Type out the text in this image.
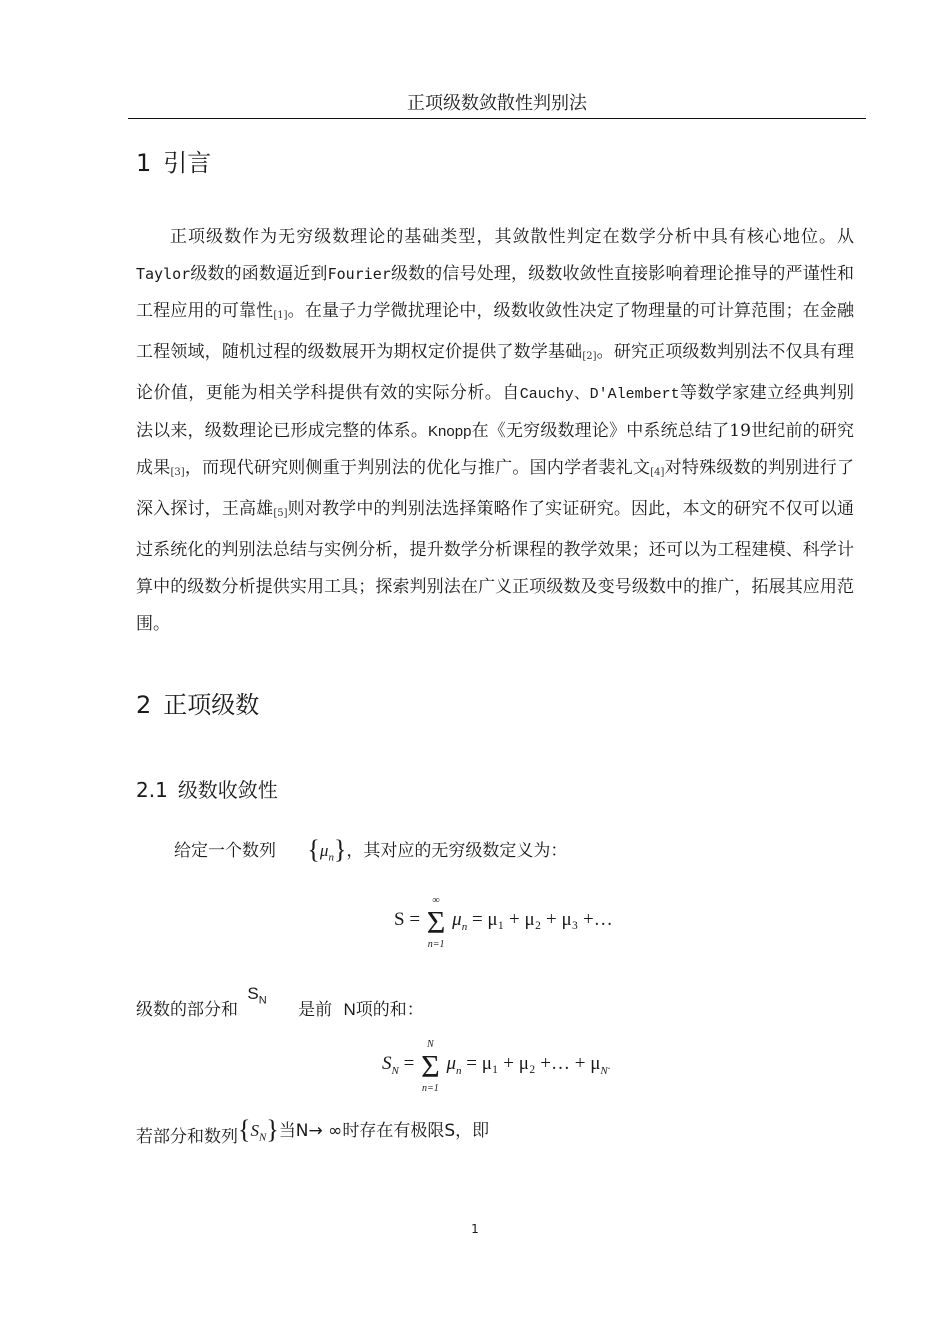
正项级数敛散性判别法
1 引言

正项级数作为无穷级数理论的基础类型，其敛散性判定在数学分析中具有核心地位。从Taylor级数的函数逼近到Fourier级数的信号处理，级数收敛性直接影响着理论推导的严谨性和工程应用的可靠性[1]。在量子力学微扰理论中，级数收敛性决定了物理量的可计算范围；在金融工程领域，随机过程的级数展开为期权定价提供了数学基础[2]。研究正项级数判别法不仅具有理论价值，更能为相关学科提供有效的实际分析。自Cauchy、D'Alembert等数学家建立经典判别法以来，级数理论已形成完整的体系。Knopp在《无穷级数理论》中系统总结了19世纪前的研究成果[3]，而现代研究则侧重于判别法的优化与推广。国内学者裴礼文[4]对特殊级数的判别进行了深入探讨，王高雄[5]则对教学中的判别法选择策略作了实证研究。因此，本文的研究不仅可以通过系统化的判别法总结与实例分析，提升数学分析课程的教学效果；还可以为工程建模、科学计算中的级数分析提供实用工具；探索判别法在广义正项级数及变号级数中的推广，拓展其应用范围。

2 正项级数
2.1 级数收敛性
给定一个数列 $\{\mu_n\}$，其对应的无穷级数定义为：
S = Σ
∞
n=1
$\mu_n = \mu_1 + \mu_2 + \mu_3$ +…
级数的部分和 $S_N$ 是前 N项的和：
$S_N = \Sigma$
N
n=1
$\mu_n = \mu_1 + \mu_2$ +… + $\mu_N$.
若部分和数列$\{S_N\}$当N→ ∞时存在有极限S，即
1
